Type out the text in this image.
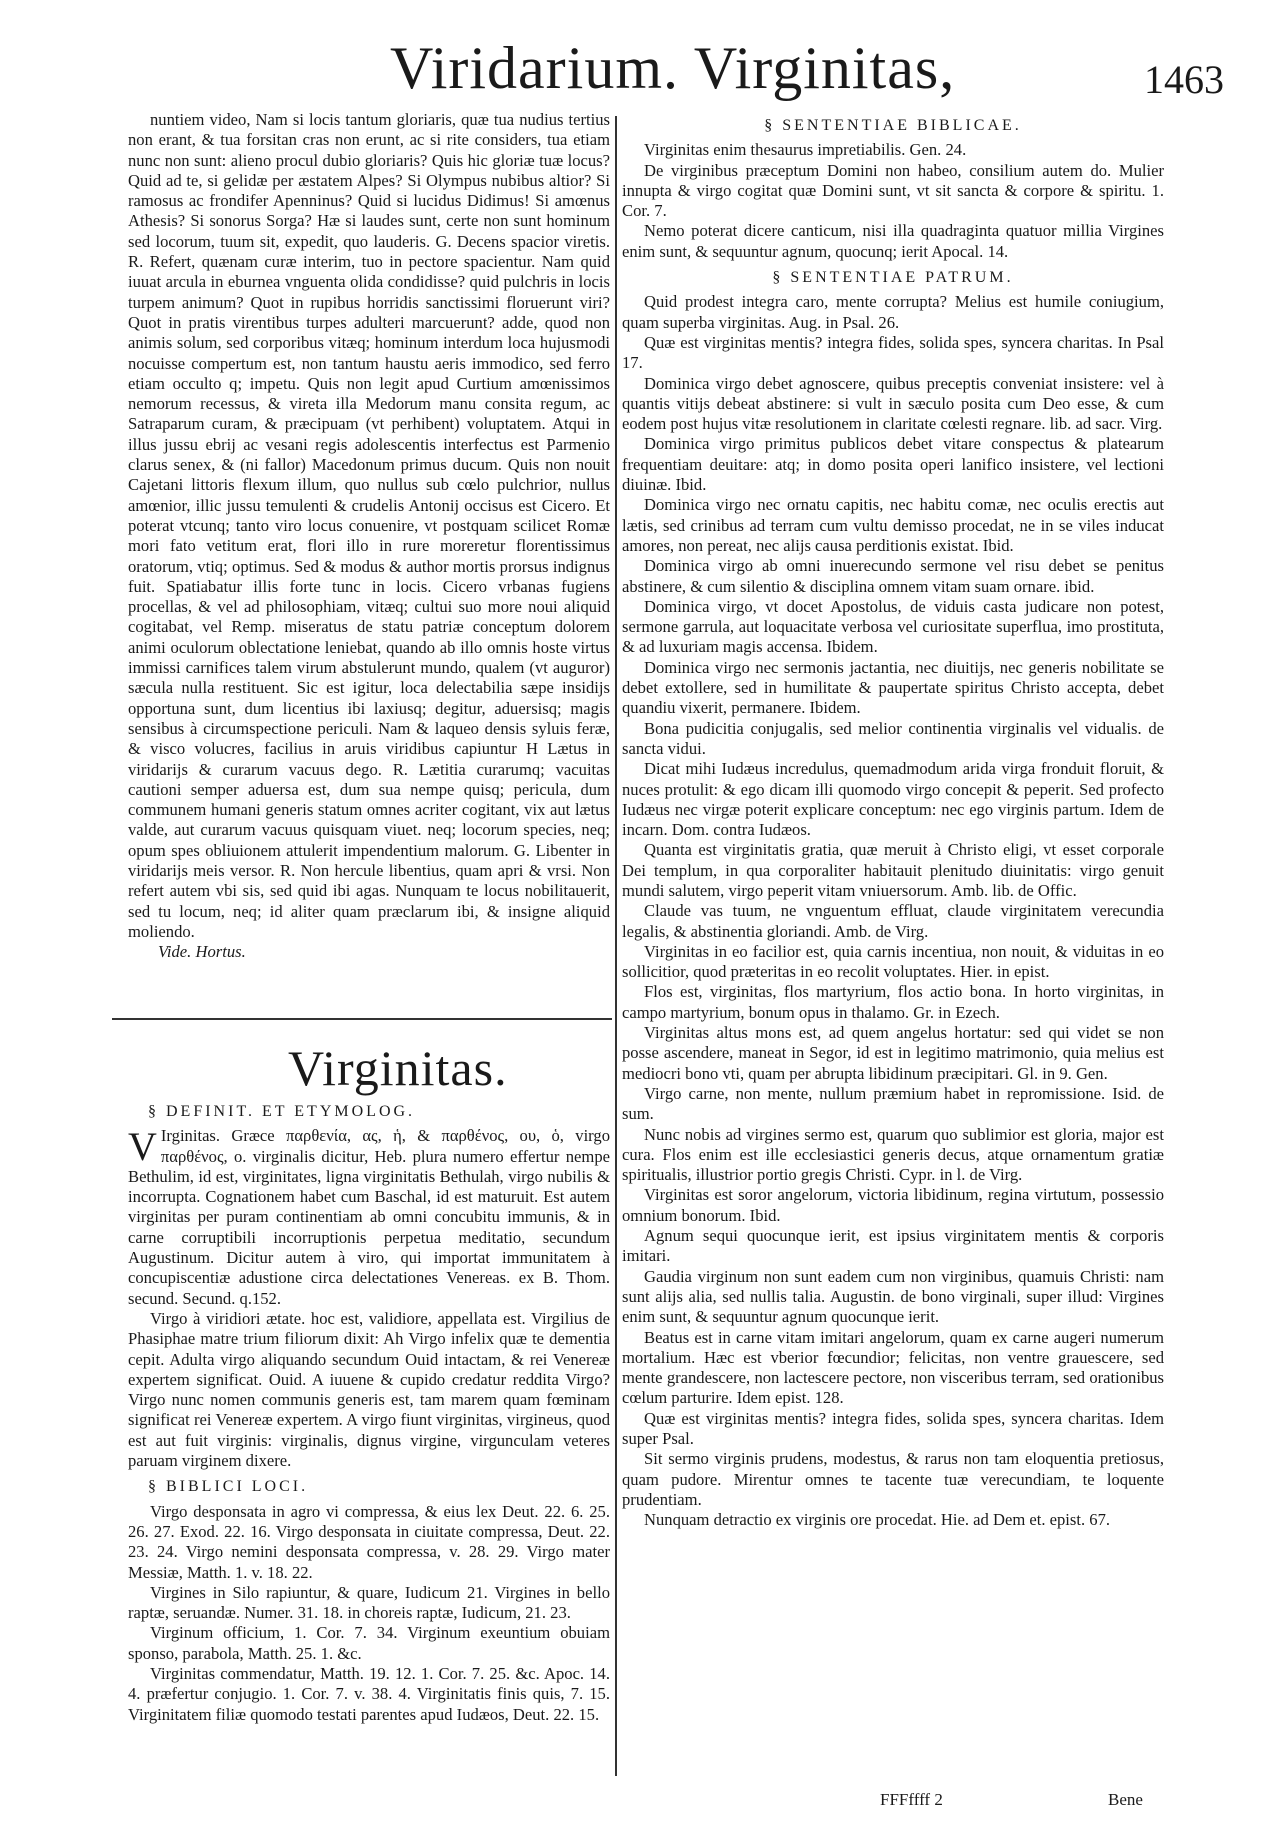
Viridarium. Virginitas,	1463

nuntiem video, Nam si locis tantum gloriaris, quæ tua nudius tertius non erant, & tua forsitan cras non erunt, ac si rite considers, tua etiam nunc non sunt: alieno procul dubio gloriaris? Quis hic gloriæ tuæ locus? Quid ad te, si gelidæ per æstatem Alpes? Si Olympus nubibus altior? Si ramosus ac frondifer Apenninus? Quid si lucidus Didimus! Si amœnus Athesis? Si sonorus Sorga? Hæ si laudes sunt, certe non sunt hominum sed locorum, tuum sit, expedit, quo lauderis. G. Decens spacior viretis. R. Refert, quænam curæ interim, tuo in pectore spacientur. Nam quid iuuat arcula in eburnea vnguenta olida condidisse? quid pulchris in locis turpem animum? Quot in rupibus horridis sanctissimi floruerunt viri? Quot in pratis virentibus turpes adulteri marcuerunt? adde, quod non animis solum, sed corporibus vitæq; hominum interdum loca hujusmodi nocuisse compertum est, non tantum haustu aeris immodico, sed ferro etiam occulto q; impetu. Quis non legit apud Curtium amœnissimos nemorum recessus, & vireta illa Medorum manu consita regum, ac Satraparum curam, & præcipuam (vt perhibent) voluptatem. Atqui in illus jussu ebrij ac vesani regis adolescentis interfectus est Parmenio clarus senex, & (ni fallor) Macedonum primus ducum. Quis non nouit Cajetani littoris flexum illum, quo nullus sub cœlo pulchrior, nullus amœnior, illic jussu temulenti & crudelis Antonij occisus est Cicero. Et poterat vtcunq; tanto viro locus conuenire, vt postquam scilicet Romæ mori fato vetitum erat, flori illo in rure moreretur florentissimus oratorum, vtiq; optimus. Sed & modus & author mortis prorsus indignus fuit. Spatiabatur illis forte tunc in locis. Cicero vrbanas fugiens procellas, & vel ad philosophiam, vitæq; cultui suo more noui aliquid cogitabat, vel Remp. miseratus de statu patriæ conceptum dolorem animi oculorum oblectatione leniebat, quando ab illo omnis hoste virtus immissi carnifices talem virum abstulerunt mundo, qualem (vt auguror) sæcula nulla restituent. Sic est igitur, loca delectabilia sæpe insidijs opportuna sunt, dum licentius ibi laxiusq; degitur, aduersisq; magis sensibus à circumspectione periculi. Nam & laqueo densis syluis feræ, & visco volucres, facilius in aruis viridibus capiuntur H Lætus in viridarijs & curarum vacuus dego. R. Lætitia curarumq; vacuitas cautioni semper aduersa est, dum sua nempe quisq; pericula, dum communem humani generis statum omnes acriter cogitant, vix aut lætus valde, aut curarum vacuus quisquam viuet. neq; locorum species, neq; opum spes obliuionem attulerit impendentium malorum. G. Libenter in viridarijs meis versor. R. Non hercule libentius, quam apri & vrsi. Non refert autem vbi sis, sed quid ibi agas. Nunquam te locus nobilitauerit, sed tu locum, neq; id aliter quam præclarum ibi, & insigne aliquid moliendo.

Vide. Hortus.

Virginitas.
§ DEFINIT. ET ETYMOLOG.

V Irginitas. Græce παρθενία, ας, ἡ, & παρθένος, ου, ὁ, virgo παρθένος, ο. virginalis dicitur, Heb. plura numero effertur nempe Bethulim, id est, virginitates, ligna virginitatis Bethulah, virgo nubilis & incorrupta. Cognationem habet cum Baschal, id est maturuit. Est autem virginitas per puram continentiam ab omni concubitu immunis, & in carne corruptibili incorruptionis perpetua meditatio, secundum Augustinum. Dicitur autem à viro, qui importat immunitatem à concupiscentiæ adustione circa delectationes Venereas. ex B. Thom. secund. Secund. q.152.

Virgo à viridiori ætate. hoc est, validiore, appellata est. Virgilius de Phasiphae matre trium filiorum dixit: Ah Virgo infelix quæ te dementia cepit. Adulta virgo aliquando secundum Ouid intactam, & rei Venereæ expertem significat. Ouid. A iuuene & cupido credatur reddita Virgo? Virgo nunc nomen communis generis est, tam marem quam fœminam significat rei Venereæ expertem. A virgo fiunt virginitas, virgineus, quod est aut fuit virginis: virginalis, dignus virgine, virgunculam veteres paruam virginem dixere.

§ BIBLICI LOCI.

Virgo desponsata in agro vi compressa, & eius lex Deut. 22. 6. 25. 26. 27. Exod. 22. 16. Virgo desponsata in ciuitate compressa, Deut. 22. 23. 24. Virgo nemini desponsata compressa, v. 28. 29. Virgo mater Messiæ, Matth. 1. v. 18. 22.

Virgines in Silo rapiuntur, & quare, Iudicum 21. Virgines in bello raptæ, seruandæ. Numer. 31. 18. in choreis raptæ, Iudicum, 21. 23.

Virginum officium, 1. Cor. 7. 34. Virginum exeuntium obuiam sponso, parabola, Matth. 25. 1. &c.

Virginitas commendatur, Matth. 19. 12. 1. Cor. 7. 25. &c. Apoc. 14. 4. præfertur conjugio. 1. Cor. 7. v. 38. 4. Virginitatis finis quis, 7. 15. Virginitatem filiæ quomodo testati parentes apud Iudæos, Deut. 22. 15.

§ SENTENTIAE BIBLICAE.

Virginitas enim thesaurus impretiabilis. Gen. 24.

De virginibus præceptum Domini non habeo, consilium autem do. Mulier innupta & virgo cogitat quæ Domini sunt, vt sit sancta & corpore & spiritu. 1. Cor. 7.

Nemo poterat dicere canticum, nisi illa quadraginta quatuor millia Virgines enim sunt, & sequuntur agnum, quocunq; ierit Apocal. 14.

§ SENTENTIAE PATRUM.

Quid prodest integra caro, mente corrupta? Melius est humile coniugium, quam superba virginitas. Aug. in Psal. 26.

Quæ est virginitas mentis? integra fides, solida spes, syncera charitas. In Psal 17.

Dominica virgo debet agnoscere, quibus preceptis conveniat insistere: vel à quantis vitijs debeat abstinere: si vult in sæculo posita cum Deo esse, & cum eodem post hujus vitæ resolutionem in claritate cœlesti regnare. lib. ad sacr. Virg.

Dominica virgo primitus publicos debet vitare conspectus & platearum frequentiam deuitare: atq; in domo posita operi lanifico insistere, vel lectioni diuinæ. Ibid.

Dominica virgo nec ornatu capitis, nec habitu comæ, nec oculis erectis aut lætis, sed crinibus ad terram cum vultu demisso procedat, ne in se viles inducat amores, non pereat, nec alijs causa perditionis existat. Ibid.

Dominica virgo ab omni inuerecundo sermone vel risu debet se penitus abstinere, & cum silentio & disciplina omnem vitam suam ornare. ibid.

Dominica virgo, vt docet Apostolus, de viduis casta judicare non potest, sermone garrula, aut loquacitate verbosa vel curiositate superflua, imo prostituta, & ad luxuriam magis accensa. Ibidem.

Dominica virgo nec sermonis jactantia, nec diuitijs, nec generis nobilitate se debet extollere, sed in humilitate & paupertate spiritus Christo accepta, debet quandiu vixerit, permanere. Ibidem.

Bona pudicitia conjugalis, sed melior continentia virginalis vel vidualis. de sancta vidui.

Dicat mihi Iudæus incredulus, quemadmodum arida virga fronduit floruit, & nuces protulit: & ego dicam illi quomodo virgo concepit & peperit. Sed profecto Iudæus nec virgæ poterit explicare conceptum: nec ego virginis partum. Idem de incarn. Dom. contra Iudæos.

Quanta est virginitatis gratia, quæ meruit à Christo eligi, vt esset corporale Dei templum, in qua corporaliter habitauit plenitudo diuinitatis: virgo genuit mundi salutem, virgo peperit vitam vniuersorum. Amb. lib. de Offic.

Claude vas tuum, ne vnguentum effluat, claude virginitatem verecundia legalis, & abstinentia gloriandi. Amb. de Virg.

Virginitas in eo facilior est, quia carnis incentiua, non nouit, & viduitas in eo sollicitior, quod præteritas in eo recolit voluptates. Hier. in epist.

Flos est, virginitas, flos martyrium, flos actio bona. In horto virginitas, in campo martyrium, bonum opus in thalamo. Gr. in Ezech.

Virginitas altus mons est, ad quem angelus hortatur: sed qui videt se non posse ascendere, maneat in Segor, id est in legitimo matrimonio, quia melius est mediocri bono vti, quam per abrupta libidinum præcipitari. Gl. in 9. Gen.

Virgo carne, non mente, nullum præmium habet in repromissione. Isid. de sum.

Nunc nobis ad virgines sermo est, quarum quo sublimior est gloria, major est cura. Flos enim est ille ecclesiastici generis decus, atque ornamentum gratiæ spiritualis, illustrior portio gregis Christi. Cypr. in l. de Virg.

Virginitas est soror angelorum, victoria libidinum, regina virtutum, possessio omnium bonorum. Ibid.

Agnum sequi quocunque ierit, est ipsius virginitatem mentis & corporis imitari.

Gaudia virginum non sunt eadem cum non virginibus, quamuis Christi: nam sunt alijs alia, sed nullis talia. Augustin. de bono virginali, super illud: Virgines enim sunt, & sequuntur agnum quocunque ierit.

Beatus est in carne vitam imitari angelorum, quam ex carne augeri numerum mortalium. Hæc est vberior fœcundior; felicitas, non ventre grauescere, sed mente grandescere, non lactescere pectore, non visceribus terram, sed orationibus cœlum parturire. Idem epist. 128.

Quæ est virginitas mentis? integra fides, solida spes, syncera charitas. Idem super Psal.

Sit sermo virginis prudens, modestus, & rarus non tam eloquentia pretiosus, quam pudore. Mirentur omnes te tacente tuæ verecundiam, te loquente prudentiam.

Nunquam detractio ex virginis ore procedat. Hie. ad Dem et. epist. 67.

FFFffff 2	Bene
